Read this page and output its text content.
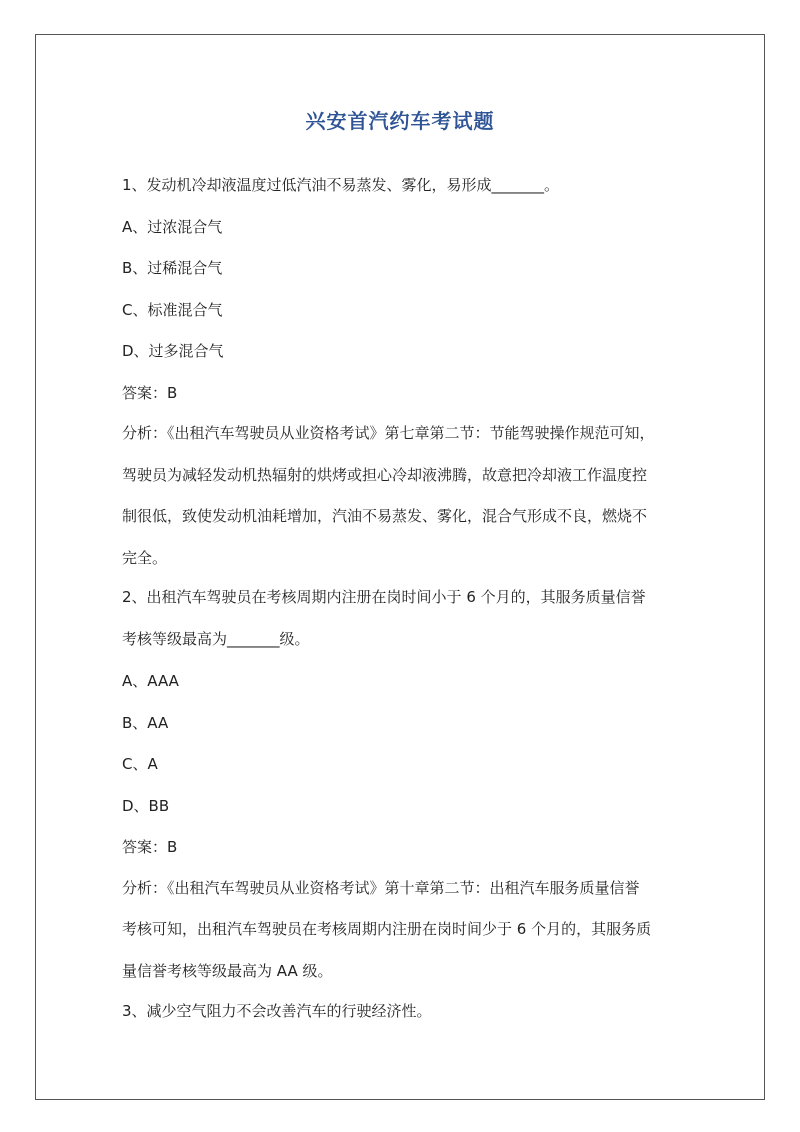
兴安首汽约车考试题
1、发动机冷却液温度过低汽油不易蒸发、雾化，易形成_______。
A、过浓混合气
B、过稀混合气
C、标准混合气
D、过多混合气
答案：B
分析：《出租汽车驾驶员从业资格考试》第七章第二节：节能驾驶操作规范可知，
驾驶员为减轻发动机热辐射的烘烤或担心冷却液沸腾，故意把冷却液工作温度控
制很低，致使发动机油耗增加，汽油不易蒸发、雾化，混合气形成不良，燃烧不
完全。
2、出租汽车驾驶员在考核周期内注册在岗时间小于 6 个月的，其服务质量信誉
考核等级最高为_______级。
A、AAA
B、AA
C、A
D、BB
答案：B
分析：《出租汽车驾驶员从业资格考试》第十章第二节：出租汽车服务质量信誉
考核可知，出租汽车驾驶员在考核周期内注册在岗时间少于 6 个月的，其服务质
量信誉考核等级最高为 AA 级。
3、减少空气阻力不会改善汽车的行驶经济性。
